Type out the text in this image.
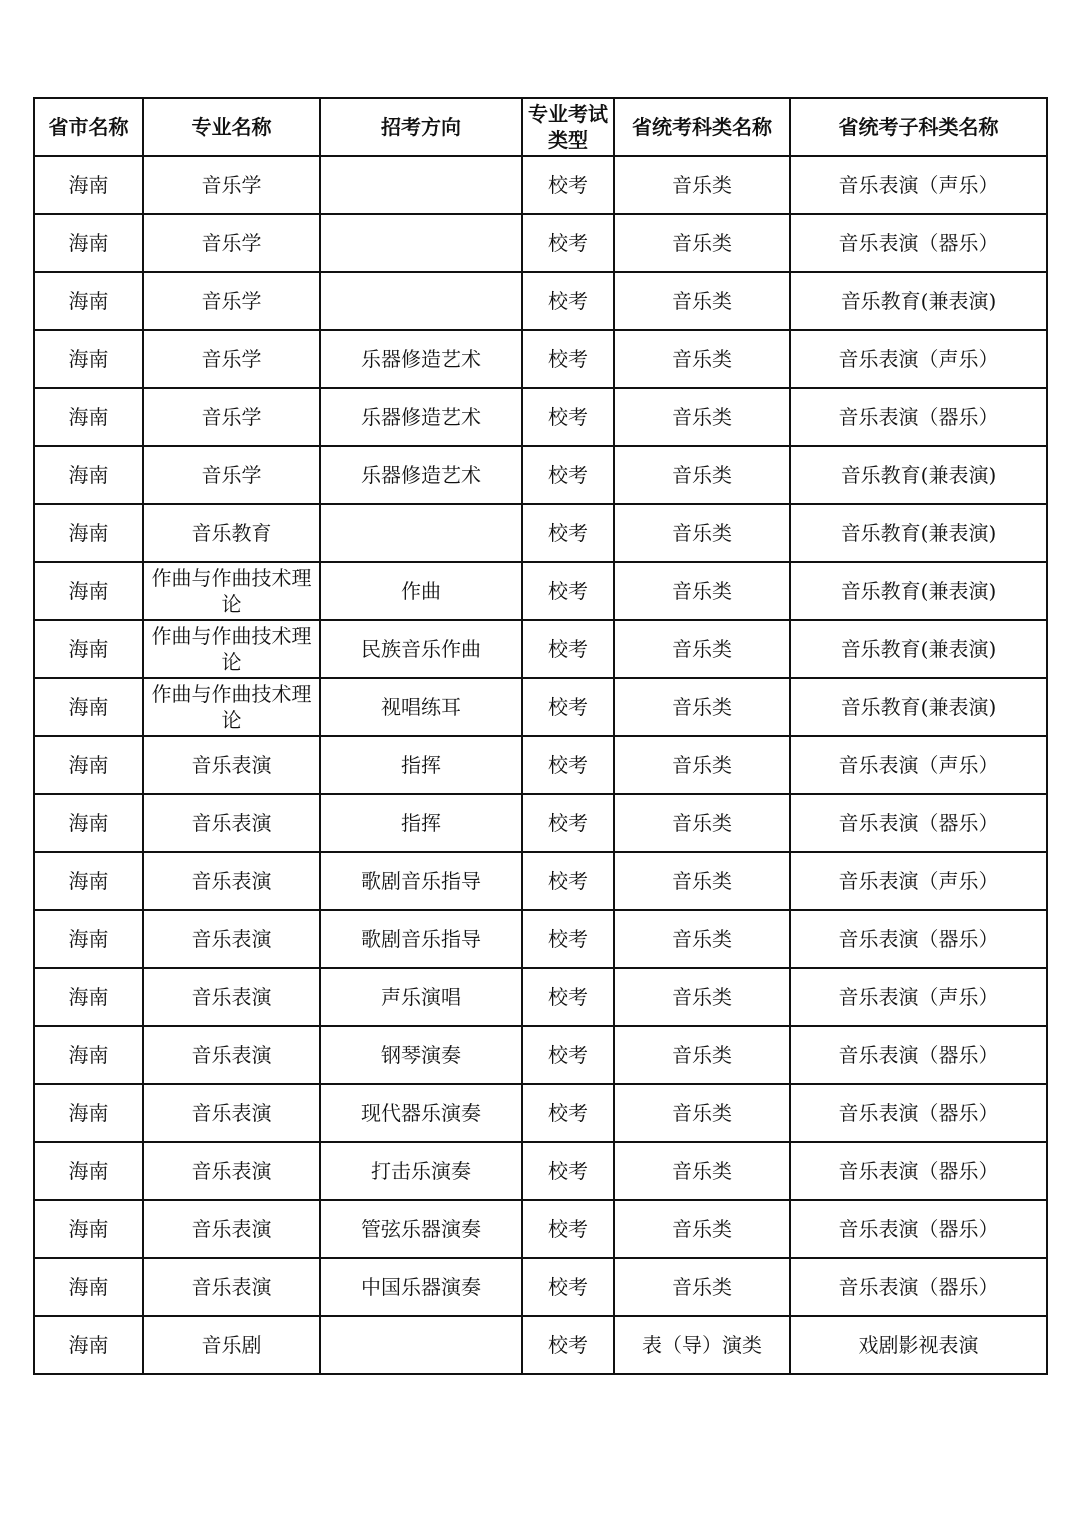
省市名称	专业名称	招考方向	专业考试类型	省统考科类名称	省统考子科类名称
海南	音乐学		校考	音乐类	音乐表演（声乐）
海南	音乐学		校考	音乐类	音乐表演（器乐）
海南	音乐学		校考	音乐类	音乐教育(兼表演)
海南	音乐学	乐器修造艺术	校考	音乐类	音乐表演（声乐）
海南	音乐学	乐器修造艺术	校考	音乐类	音乐表演（器乐）
海南	音乐学	乐器修造艺术	校考	音乐类	音乐教育(兼表演)
海南	音乐教育		校考	音乐类	音乐教育(兼表演)
海南	作曲与作曲技术理论	作曲	校考	音乐类	音乐教育(兼表演)
海南	作曲与作曲技术理论	民族音乐作曲	校考	音乐类	音乐教育(兼表演)
海南	作曲与作曲技术理论	视唱练耳	校考	音乐类	音乐教育(兼表演)
海南	音乐表演	指挥	校考	音乐类	音乐表演（声乐）
海南	音乐表演	指挥	校考	音乐类	音乐表演（器乐）
海南	音乐表演	歌剧音乐指导	校考	音乐类	音乐表演（声乐）
海南	音乐表演	歌剧音乐指导	校考	音乐类	音乐表演（器乐）
海南	音乐表演	声乐演唱	校考	音乐类	音乐表演（声乐）
海南	音乐表演	钢琴演奏	校考	音乐类	音乐表演（器乐）
海南	音乐表演	现代器乐演奏	校考	音乐类	音乐表演（器乐）
海南	音乐表演	打击乐演奏	校考	音乐类	音乐表演（器乐）
海南	音乐表演	管弦乐器演奏	校考	音乐类	音乐表演（器乐）
海南	音乐表演	中国乐器演奏	校考	音乐类	音乐表演（器乐）
海南	音乐剧		校考	表（导）演类	戏剧影视表演
